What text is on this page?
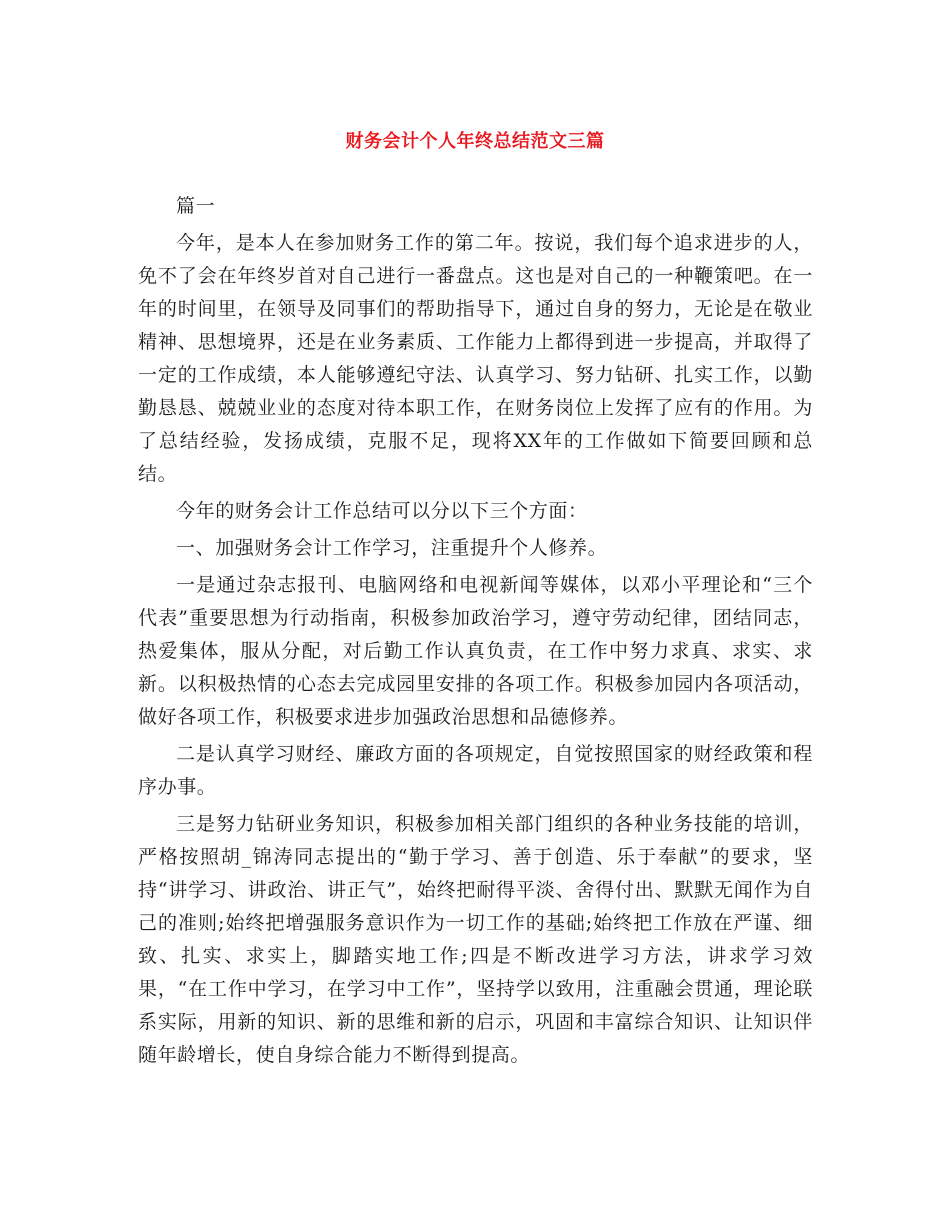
财务会计个人年终总结范文三篇

篇一

今年，是本人在参加财务工作的第二年。按说，我们每个追求进步的人，免不了会在年终岁首对自己进行一番盘点。这也是对自己的一种鞭策吧。在一年的时间里，在领导及同事们的帮助指导下，通过自身的努力，无论是在敬业精神、思想境界，还是在业务素质、工作能力上都得到进一步提高，并取得了一定的工作成绩，本人能够遵纪守法、认真学习、努力钻研、扎实工作，以勤勤恳恳、兢兢业业的态度对待本职工作，在财务岗位上发挥了应有的作用。为了总结经验，发扬成绩，克服不足，现将XX年的工作做如下简要回顾和总结。

今年的财务会计工作总结可以分以下三个方面：

一、加强财务会计工作学习，注重提升个人修养。

一是通过杂志报刊、电脑网络和电视新闻等媒体，以邓小平理论和“三个代表”重要思想为行动指南，积极参加政治学习，遵守劳动纪律，团结同志，热爱集体，服从分配，对后勤工作认真负责，在工作中努力求真、求实、求新。以积极热情的心态去完成园里安排的各项工作。积极参加园内各项活动，做好各项工作，积极要求进步加强政治思想和品德修养。

二是认真学习财经、廉政方面的各项规定，自觉按照国家的财经政策和程序办事。

三是努力钻研业务知识，积极参加相关部门组织的各种业务技能的培训，严格按照胡_锦涛同志提出的“勤于学习、善于创造、乐于奉献”的要求，坚持“讲学习、讲政治、讲正气”，始终把耐得平淡、舍得付出、默默无闻作为自己的准则;始终把增强服务意识作为一切工作的基础;始终把工作放在严谨、细致、扎实、求实上，脚踏实地工作;四是不断改进学习方法，讲求学习效果，“在工作中学习，在学习中工作”，坚持学以致用，注重融会贯通，理论联系实际，用新的知识、新的思维和新的启示，巩固和丰富综合知识、让知识伴随年龄增长，使自身综合能力不断得到提高。
